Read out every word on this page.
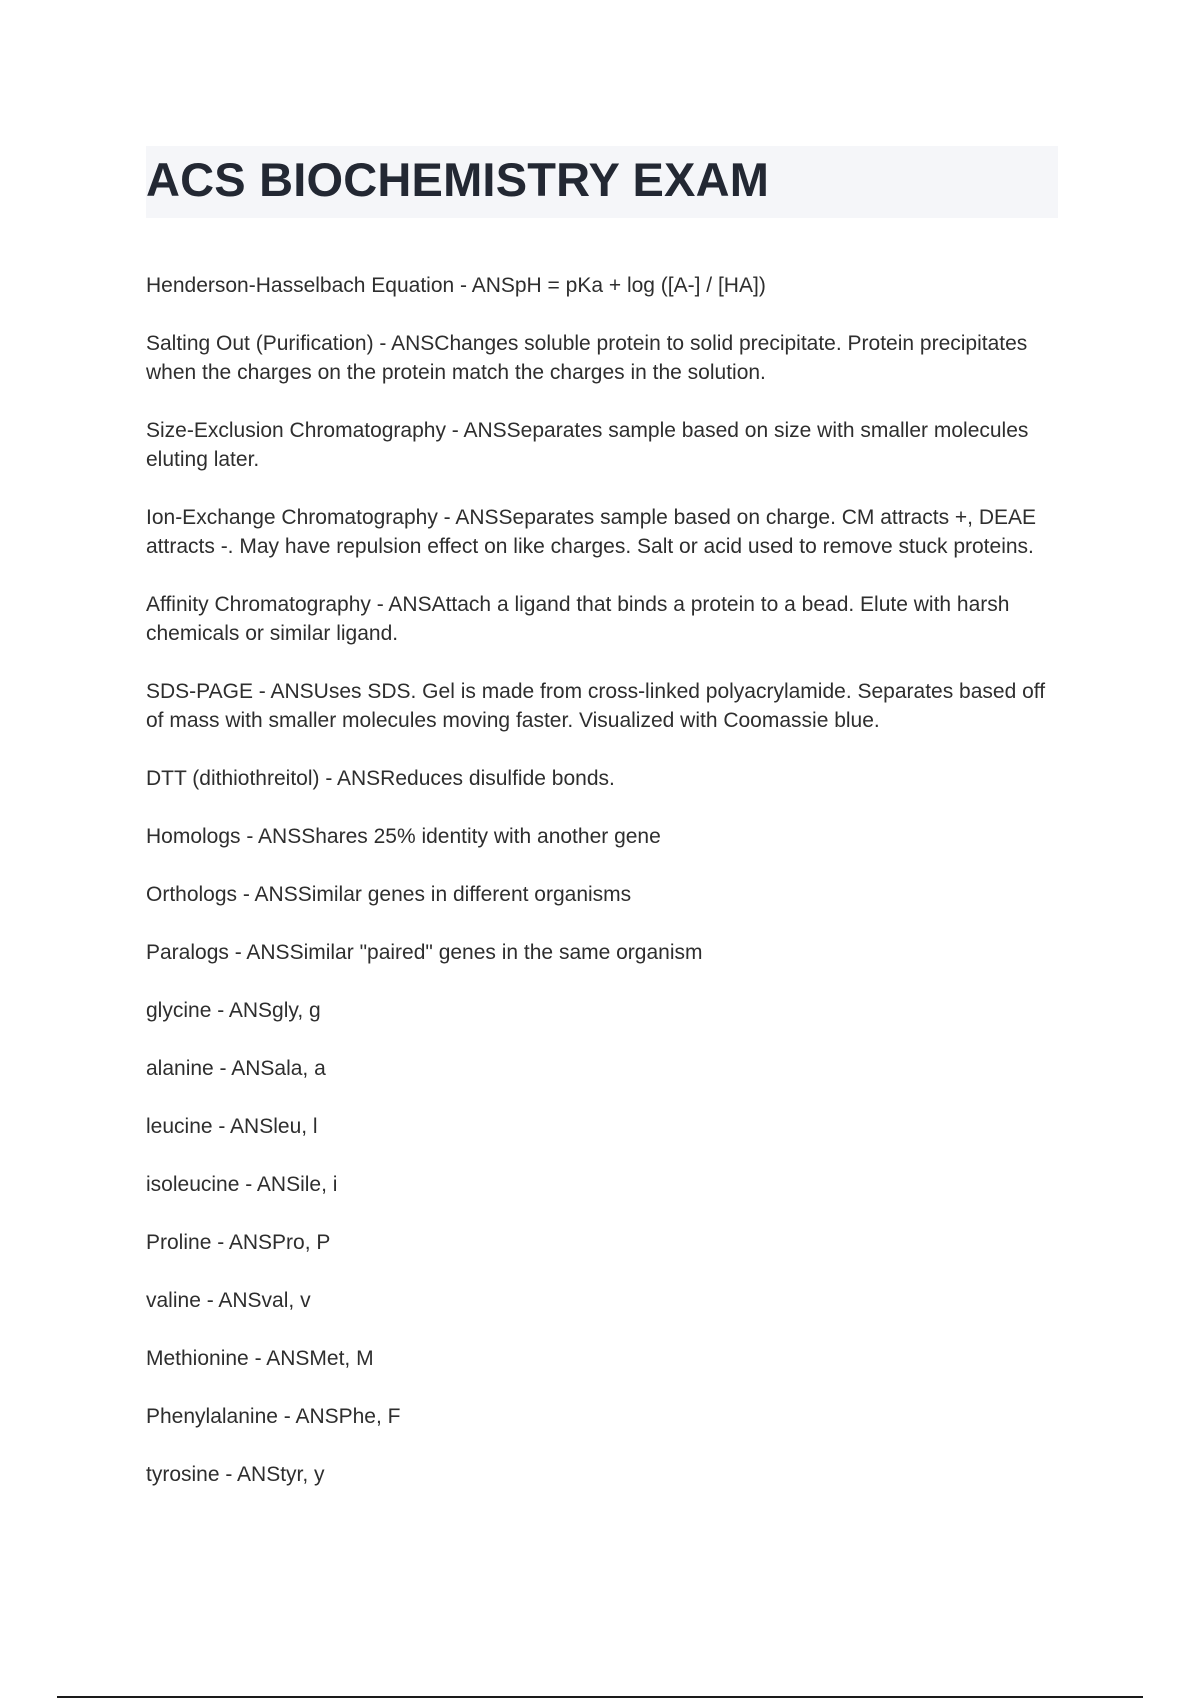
ACS BIOCHEMISTRY EXAM
Henderson-Hasselbach Equation - ANSpH = pKa + log ([A-] / [HA])
Salting Out (Purification) - ANSChanges soluble protein to solid precipitate. Protein precipitates when the charges on the protein match the charges in the solution.
Size-Exclusion Chromatography - ANSSeparates sample based on size with smaller molecules eluting later.
Ion-Exchange Chromatography - ANSSeparates sample based on charge. CM attracts +, DEAE attracts -. May have repulsion effect on like charges. Salt or acid used to remove stuck proteins.
Affinity Chromatography - ANSAttach a ligand that binds a protein to a bead. Elute with harsh chemicals or similar ligand.
SDS-PAGE - ANSUses SDS. Gel is made from cross-linked polyacrylamide. Separates based off of mass with smaller molecules moving faster. Visualized with Coomassie blue.
DTT (dithiothreitol) - ANSReduces disulfide bonds.
Homologs - ANSShares 25% identity with another gene
Orthologs - ANSSimilar genes in different organisms
Paralogs - ANSSimilar "paired" genes in the same organism
glycine - ANSgly, g
alanine - ANSala, a
leucine - ANSleu, l
isoleucine - ANSile, i
Proline - ANSPro, P
valine - ANSval, v
Methionine - ANSMet, M
Phenylalanine - ANSPhe, F
tyrosine - ANStyr, y
